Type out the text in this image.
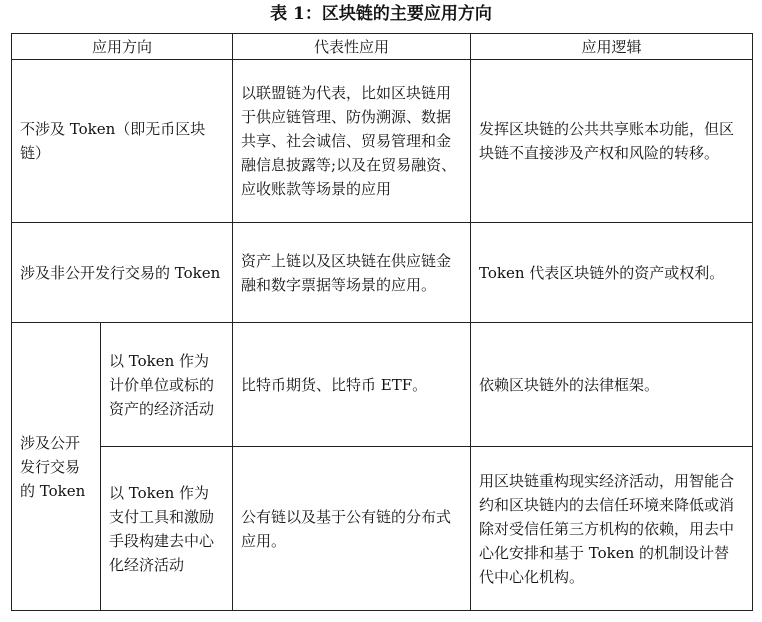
表 1：区块链的主要应用方向
应用方向		代表性应用	应用逻辑

不涉及 Token（即无币区块链）		以联盟链为代表，比如区块链用于供应链管理、防伪溯源、数据共享、社会诚信、贸易管理和金融信息披露等;以及在贸易融资、应收账款等场景的应用	发挥区块链的公共共享账本功能，但区块链不直接涉及产权和风险的转移。

涉及非公开发行交易的 Token		资产上链以及区块链在供应链金融和数字票据等场景的应用。	Token 代表区块链外的资产或权利。

涉及公开发行交易的 Token	以 Token 作为计价单位或标的资产的经济活动	比特币期货、比特币 ETF。	依赖区块链外的法律框架。

	以 Token 作为支付工具和激励手段构建去中心化经济活动	公有链以及基于公有链的分布式应用。	用区块链重构现实经济活动，用智能合约和区块链内的去信任环境来降低或消除对受信任第三方机构的依赖，用去中心化安排和基于 Token 的机制设计替代中心化机构。
